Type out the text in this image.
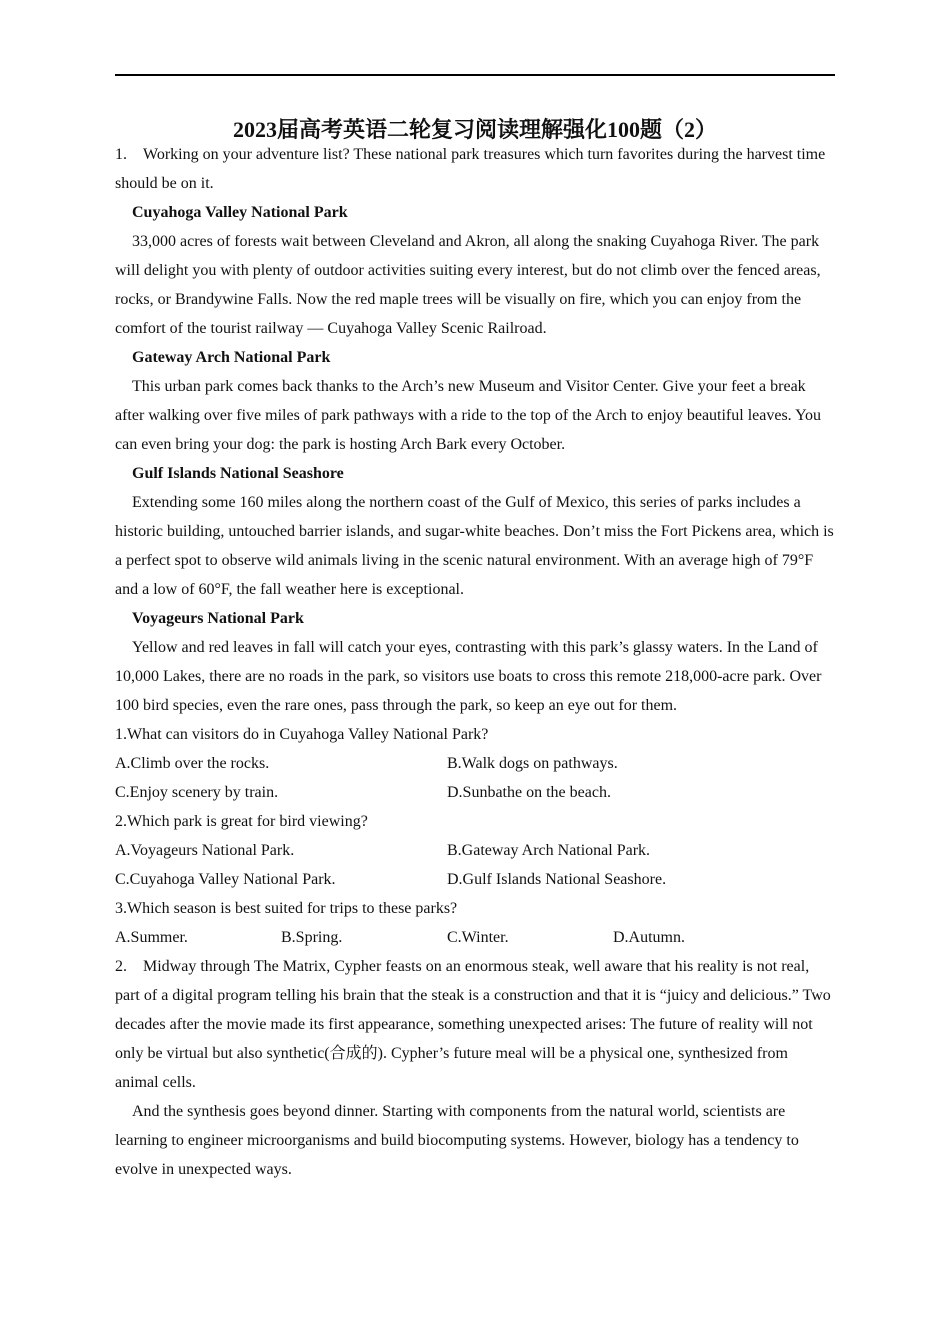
2023届高考英语二轮复习阅读理解强化100题（2）

1. Working on your adventure list? These national park treasures which turn favorites during the harvest time should be on it.

Cuyahoga Valley National Park

33,000 acres of forests wait between Cleveland and Akron, all along the snaking Cuyahoga River. The park will delight you with plenty of outdoor activities suiting every interest, but do not climb over the fenced areas, rocks, or Brandywine Falls. Now the red maple trees will be visually on fire, which you can enjoy from the comfort of the tourist railway — Cuyahoga Valley Scenic Railroad.

Gateway Arch National Park

This urban park comes back thanks to the Arch’s new Museum and Visitor Center. Give your feet a break after walking over five miles of park pathways with a ride to the top of the Arch to enjoy beautiful leaves. You can even bring your dog: the park is hosting Arch Bark every October.

Gulf Islands National Seashore

Extending some 160 miles along the northern coast of the Gulf of Mexico, this series of parks includes a historic building, untouched barrier islands, and sugar-white beaches. Don’t miss the Fort Pickens area, which is a perfect spot to observe wild animals living in the scenic natural environment. With an average high of 79°F and a low of 60°F, the fall weather here is exceptional.

Voyageurs National Park

Yellow and red leaves in fall will catch your eyes, contrasting with this park’s glassy waters. In the Land of 10,000 Lakes, there are no roads in the park, so visitors use boats to cross this remote 218,000-acre park. Over 100 bird species, even the rare ones, pass through the park, so keep an eye out for them.

1.What can visitors do in Cuyahoga Valley National Park?

A.Climb over the rocks.	B.Walk dogs on pathways.
C.Enjoy scenery by train.	D.Sunbathe on the beach.

2.Which park is great for bird viewing?

A.Voyageurs National Park.	B.Gateway Arch National Park.
C.Cuyahoga Valley National Park.	D.Gulf Islands National Seashore.

3.Which season is best suited for trips to these parks?

A.Summer.	B.Spring.	C.Winter.	D.Autumn.

2. Midway through The Matrix, Cypher feasts on an enormous steak, well aware that his reality is not real, part of a digital program telling his brain that the steak is a construction and that it is “juicy and delicious.” Two decades after the movie made its first appearance, something unexpected arises: The future of reality will not only be virtual but also synthetic(合成的). Cypher’s future meal will be a physical one, synthesized from animal cells.

And the synthesis goes beyond dinner. Starting with components from the natural world, scientists are learning to engineer microorganisms and build biocomputing systems. However, biology has a tendency to evolve in unexpected ways.
